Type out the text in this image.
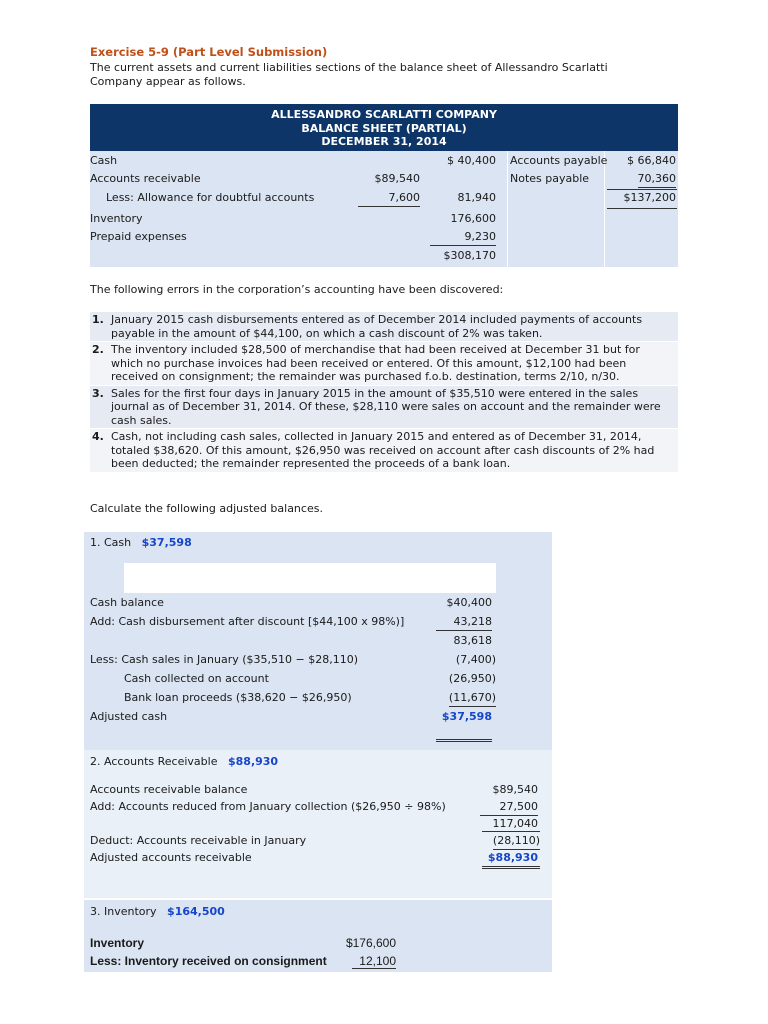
Exercise 5-9 (Part Level Submission)
The current assets and current liabilities sections of the balance sheet of Allessandro Scarlatti Company appear as follows.
ALLESSANDRO SCARLATTI COMPANY
BALANCE SHEET (PARTIAL)
DECEMBER 31, 2014
Cash	$ 40,400 Accounts payable $ 66,840
Accounts receivable	$89,540	Notes payable	70,360
Less: Allowance for doubtful accounts	7,600	81,940	$137,200
Inventory	176,600
Prepaid expenses	9,230
$308,170
The following errors in the corporation’s accounting have been discovered:
1. January 2015 cash disbursements entered as of December 2014 included payments of accounts payable in the amount of $44,100, on which a cash discount of 2% was taken.
2. The inventory included $28,500 of merchandise that had been received at December 31 but for which no purchase invoices had been received or entered. Of this amount, $12,100 had been received on consignment; the remainder was purchased f.o.b. destination, terms 2/10, n/30.
3. Sales for the first four days in January 2015 in the amount of $35,510 were entered in the sales journal as of December 31, 2014. Of these, $28,110 were sales on account and the remainder were cash sales.
4. Cash, not including cash sales, collected in January 2015 and entered as of December 31, 2014, totaled $38,620. Of this amount, $26,950 was received on account after cash discounts of 2% had been deducted; the remainder represented the proceeds of a bank loan.
Calculate the following adjusted balances.
1. Cash $37,598
Cash balance	$40,400
Add: Cash disbursement after discount [$44,100 x 98%)]	43,218
83,618
Less: Cash sales in January ($35,510 − $28,110)	(7,400)
Cash collected on account	(26,950)
Bank loan proceeds ($38,620 − $26,950)	(11,670)
Adjusted cash	$37,598
2. Accounts Receivable $88,930
Accounts receivable balance	$89,540
Add: Accounts reduced from January collection ($26,950 ÷ 98%)	27,500
117,040
Deduct: Accounts receivable in January	(28,110)
Adjusted accounts receivable	$88,930
3. Inventory $164,500
Inventory	$176,600
Less: Inventory received on consignment	12,100
